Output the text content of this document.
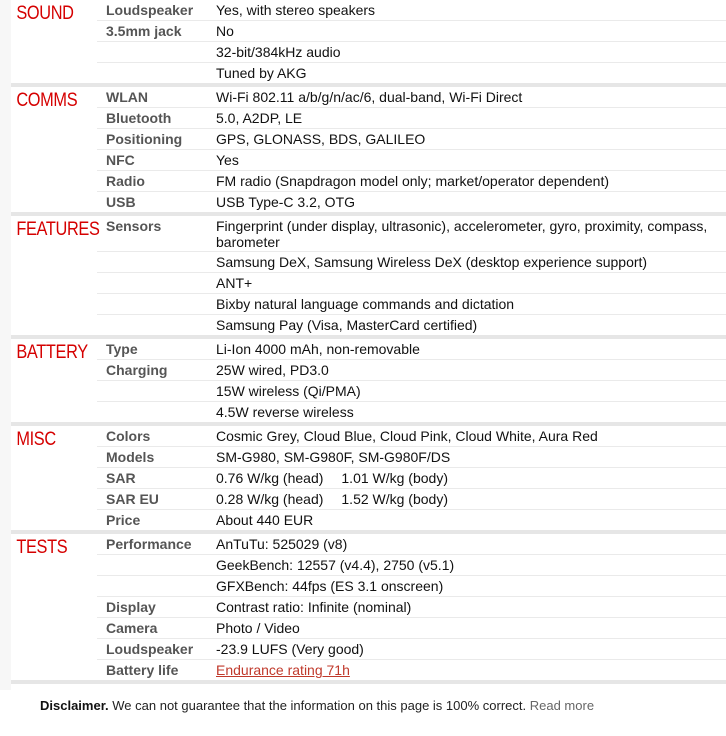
SOUND	Loudspeaker	Yes, with stereo speakers
3.5mm jack	No
32-bit/384kHz audio
Tuned by AKG
COMMS	WLAN	Wi-Fi 802.11 a/b/g/n/ac/6, dual-band, Wi-Fi Direct
Bluetooth	5.0, A2DP, LE
Positioning	GPS, GLONASS, BDS, GALILEO
NFC	Yes
Radio	FM radio (Snapdragon model only; market/operator dependent)
USB	USB Type-C 3.2, OTG
FEATURES Sensors	Fingerprint (under display, ultrasonic), accelerometer, gyro, proximity, compass,
barometer
Samsung DeX, Samsung Wireless DeX (desktop experience support)
ANT+
Bixby natural language commands and dictation
Samsung Pay (Visa, MasterCard certified)
BATTERY	Type	Li-Ion 4000 mAh, non-removable
Charging	25W wired, PD3.0
15W wireless (Qi/PMA)
4.5W reverse wireless
MISC	Colors	Cosmic Grey, Cloud Blue, Cloud Pink, Cloud White, Aura Red
Models	SM-G980, SM-G980F, SM-G980F/DS
SAR	0.76 W/kg (head) 1.01 W/kg (body)
SAR EU	0.28 W/kg (head) 1.52 W/kg (body)
Price	About 440 EUR
TESTS	Performance	AnTuTu: 525029 (v8)
GeekBench: 12557 (v4.4), 2750 (v5.1)
GFXBench: 44fps (ES 3.1 onscreen)
Display	Contrast ratio: Infinite (nominal)
Camera	Photo / Video
Loudspeaker	-23.9 LUFS (Very good)
Battery life	Endurance rating 71h
Disclaimer. We can not guarantee that the information on this page is 100% correct. Read more
